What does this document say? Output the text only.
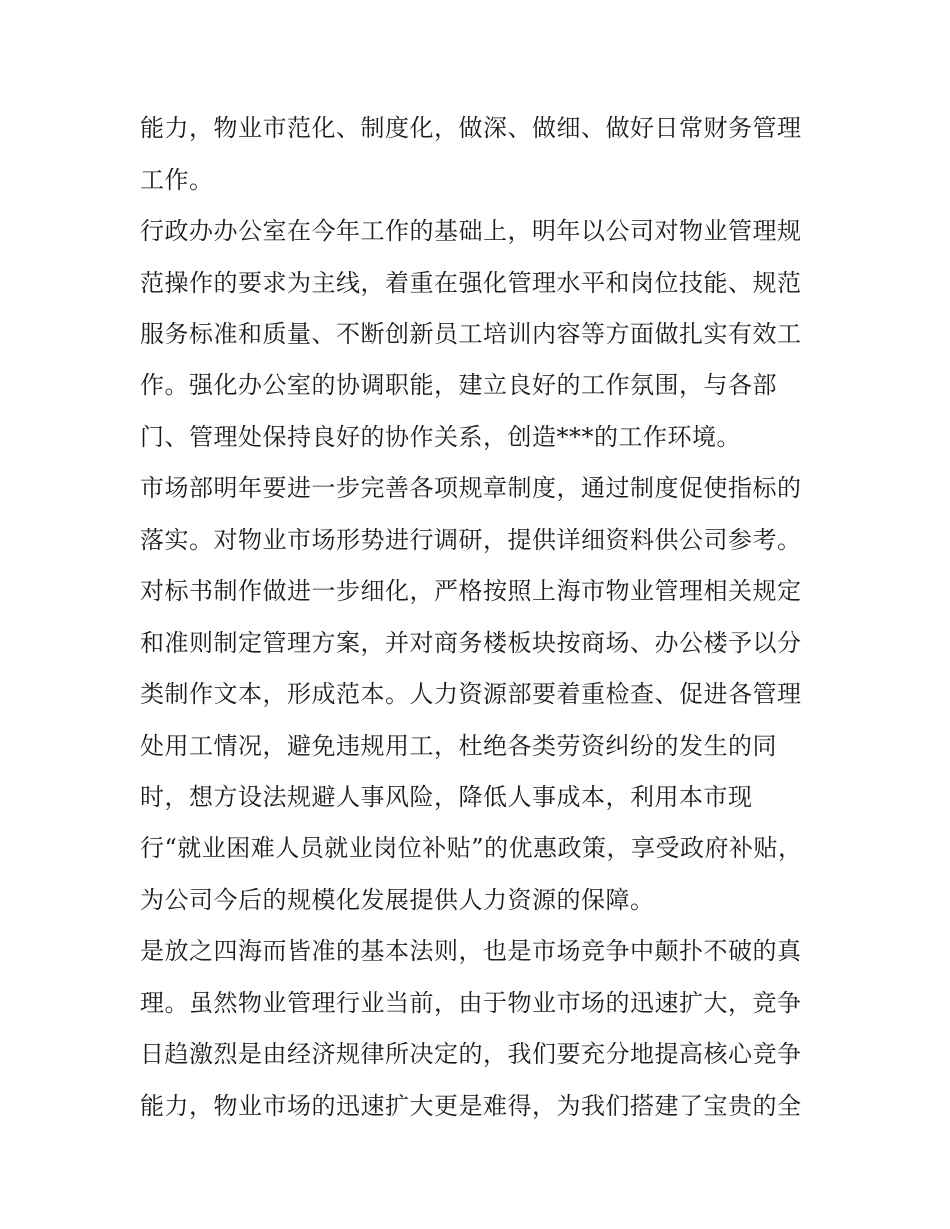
能力，物业市范化、制度化，做深、做细、做好日常财务管理
工作。
行政办办公室在今年工作的基础上，明年以公司对物业管理规
范操作的要求为主线，着重在强化管理水平和岗位技能、规范
服务标准和质量、不断创新员工培训内容等方面做扎实有效工
作。强化办公室的协调职能，建立良好的工作氛围，与各部
门、管理处保持良好的协作关系，创造***的工作环境。
市场部明年要进一步完善各项规章制度，通过制度促使指标的
落实。对物业市场形势进行调研，提供详细资料供公司参考。
对标书制作做进一步细化，严格按照上海市物业管理相关规定
和准则制定管理方案，并对商务楼板块按商场、办公楼予以分
类制作文本，形成范本。人力资源部要着重检查、促进各管理
处用工情况，避免违规用工，杜绝各类劳资纠纷的发生的同
时，想方设法规避人事风险，降低人事成本，利用本市现
行“就业困难人员就业岗位补贴”的优惠政策，享受政府补贴，
为公司今后的规模化发展提供人力资源的保障。
是放之四海而皆准的基本法则，也是市场竞争中颠扑不破的真
理。虽然物业管理行业当前，由于物业市场的迅速扩大，竞争
日趋激烈是由经济规律所决定的，我们要充分地提高核心竞争
能力，物业市场的迅速扩大更是难得，为我们搭建了宝贵的全
